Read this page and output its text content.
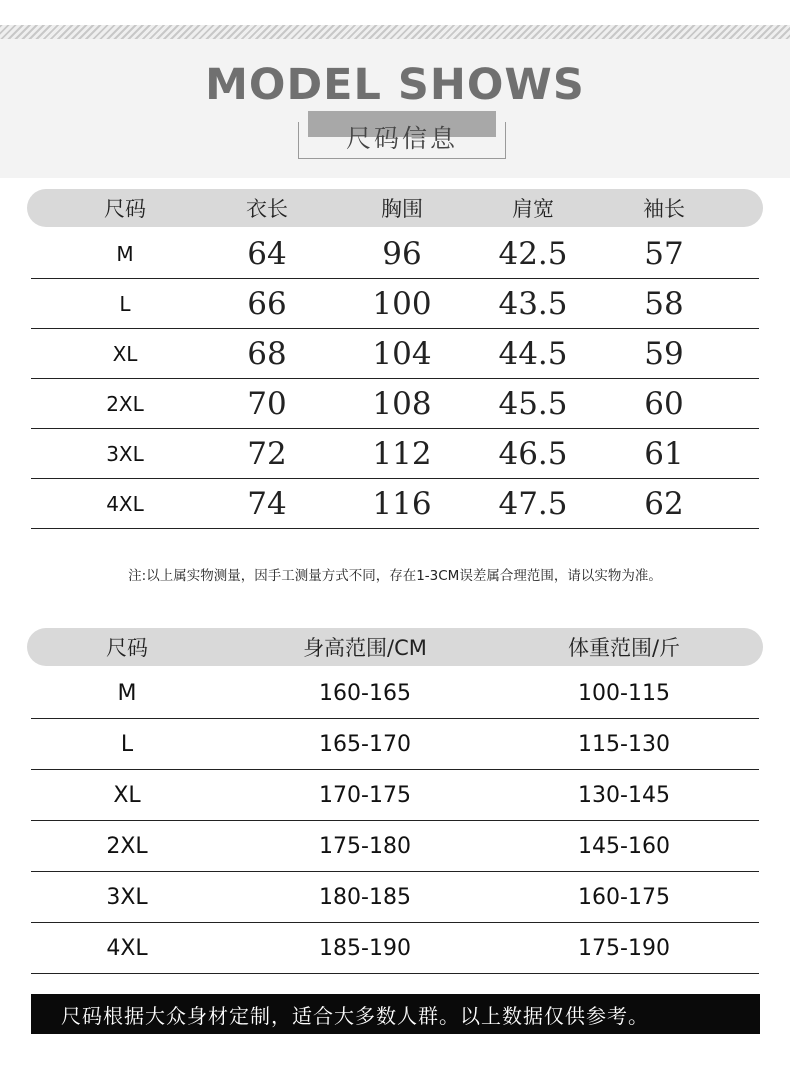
MODEL SHOWS
尺码信息
尺码	衣长	胸围	肩宽	袖长
M	64	96	42.5	57
L	66	100	43.5	58
XL	68	104	44.5	59
2XL	70	108	45.5	60
3XL	72	112	46.5	61
4XL	74	116	47.5	62
注:以上属实物测量，因手工测量方式不同，存在1-3CM误差属合理范围，请以实物为准。
尺码	身高范围/CM	体重范围/斤
M	160-165	100-115
L	165-170	115-130
XL	170-175	130-145
2XL	175-180	145-160
3XL	180-185	160-175
4XL	185-190	175-190
尺码根据大众身材定制，适合大多数人群。以上数据仅供参考。
